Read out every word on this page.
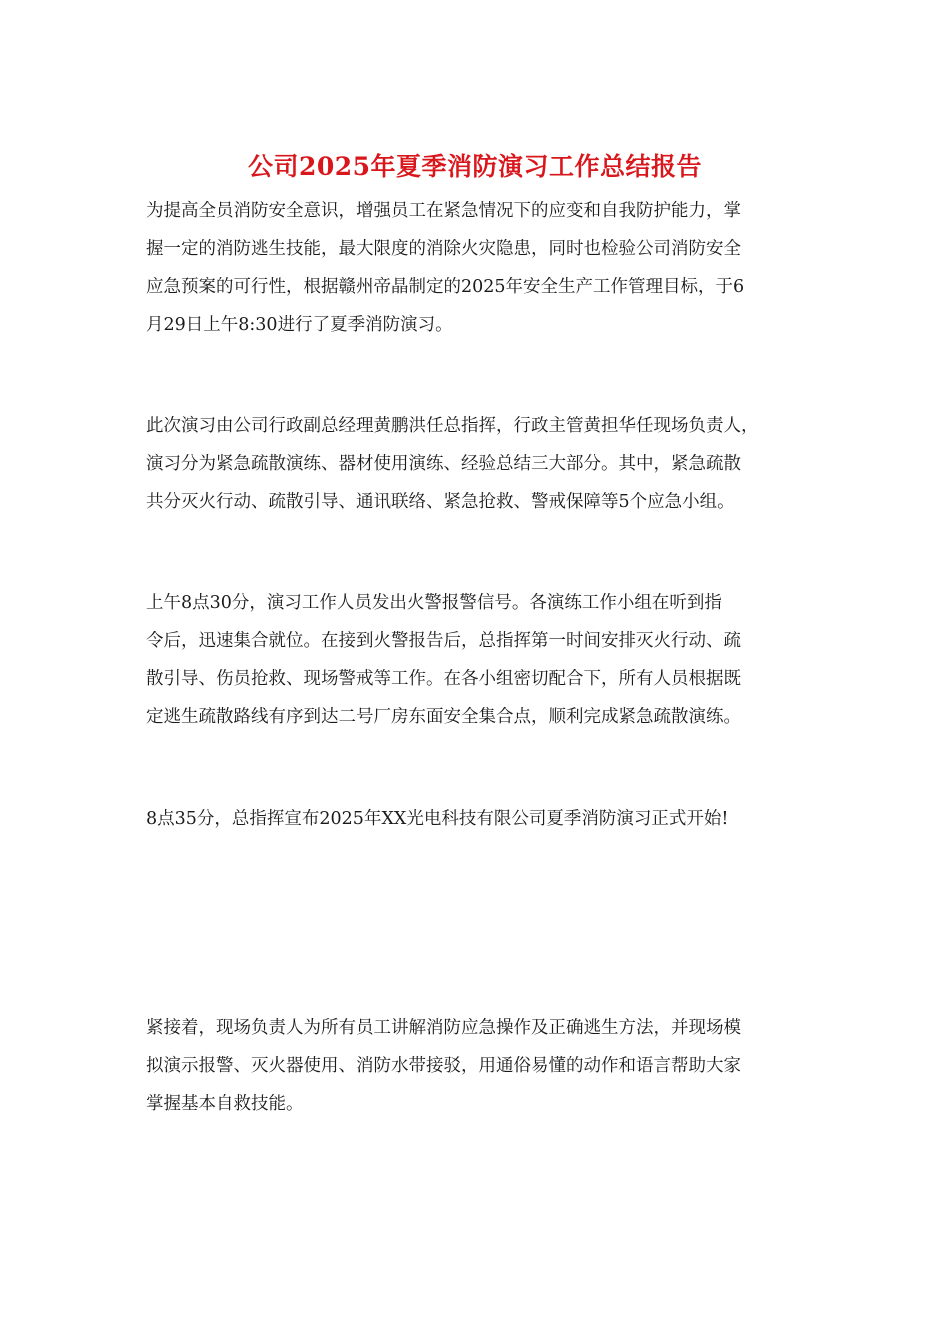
公司2025年夏季消防演习工作总结报告
为提高全员消防安全意识，增强员工在紧急情况下的应变和自我防护能力，掌
握一定的消防逃生技能，最大限度的消除火灾隐患，同时也检验公司消防安全
应急预案的可行性，根据赣州帝晶制定的2025年安全生产工作管理目标，于6
月29日上午8:30进行了夏季消防演习。
此次演习由公司行政副总经理黄鹏洪任总指挥，行政主管黄担华任现场负责人，
演习分为紧急疏散演练、器材使用演练、经验总结三大部分。其中，紧急疏散
共分灭火行动、疏散引导、通讯联络、紧急抢救、警戒保障等5个应急小组。
上午8点30分，演习工作人员发出火警报警信号。各演练工作小组在听到指
令后，迅速集合就位。在接到火警报告后，总指挥第一时间安排灭火行动、疏
散引导、伤员抢救、现场警戒等工作。在各小组密切配合下，所有人员根据既
定逃生疏散路线有序到达二号厂房东面安全集合点，顺利完成紧急疏散演练。
8点35分，总指挥宣布2025年XX光电科技有限公司夏季消防演习正式开始!
紧接着，现场负责人为所有员工讲解消防应急操作及正确逃生方法，并现场模
拟演示报警、灭火器使用、消防水带接驳，用通俗易懂的动作和语言帮助大家
掌握基本自救技能。
